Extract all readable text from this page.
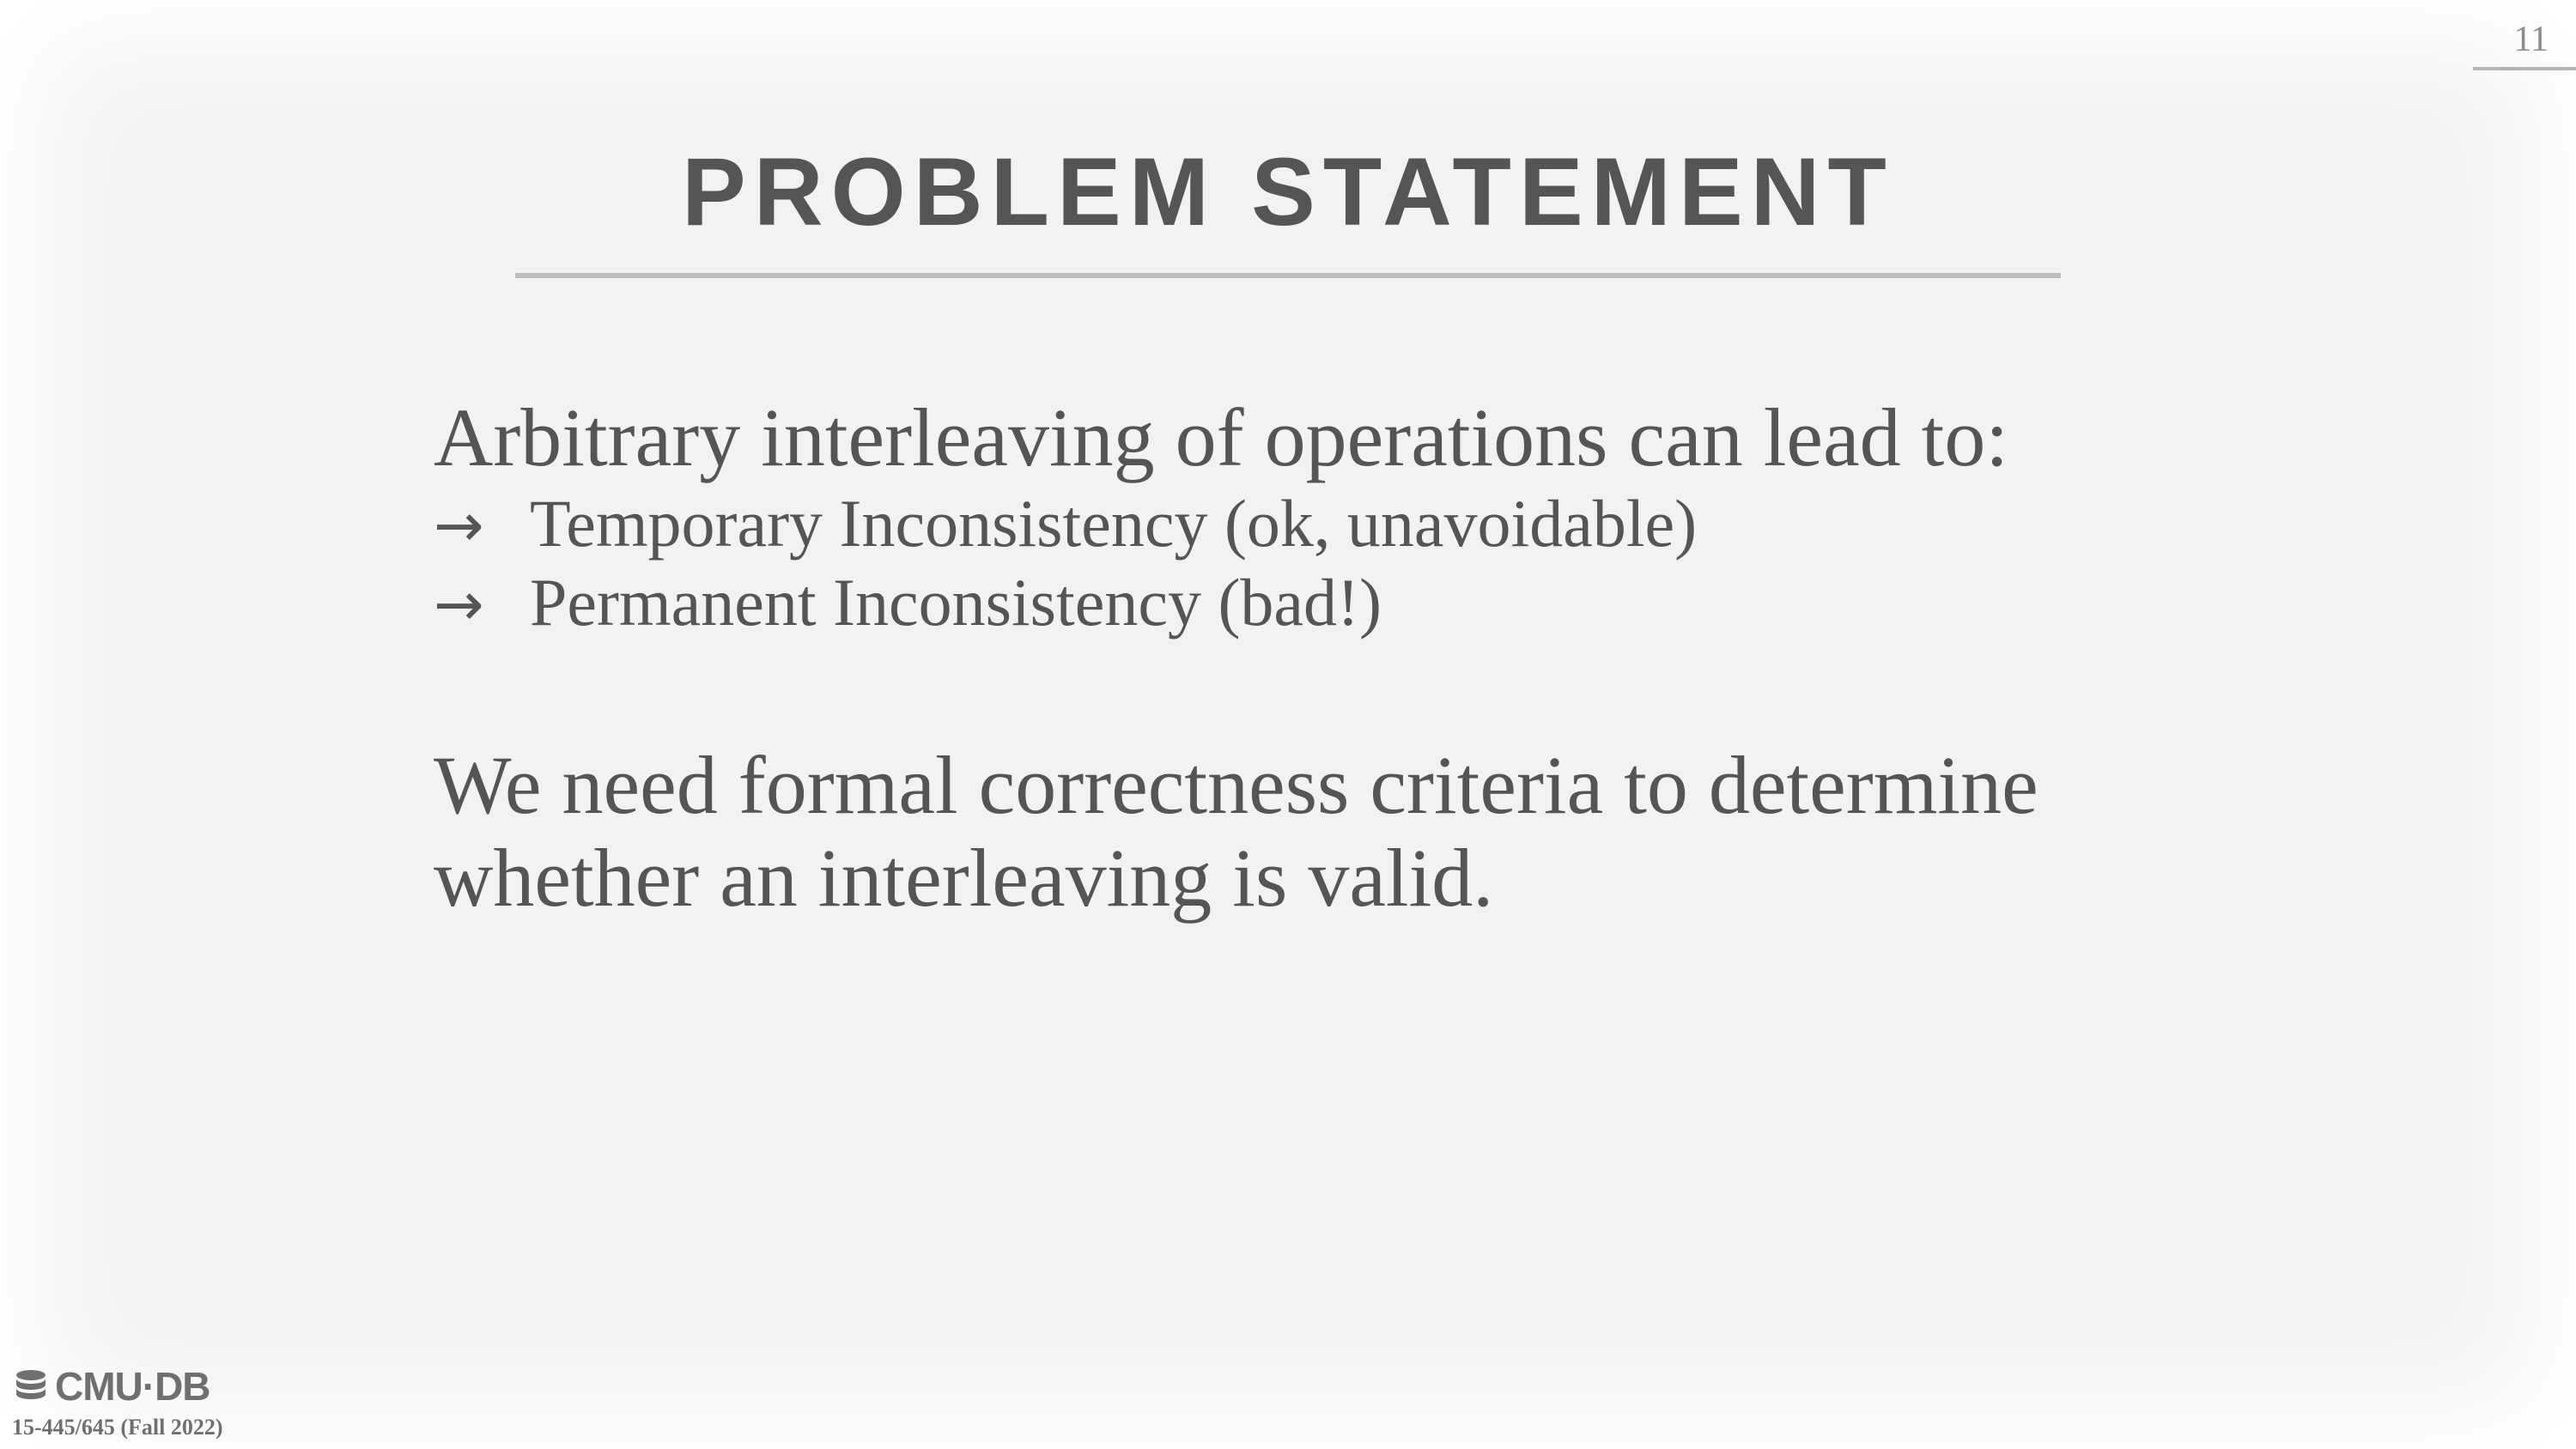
11
PROBLEM STATEMENT

Arbitrary interleaving of operations can lead to:

→ Temporary Inconsistency (ok, unavoidable)
→ Permanent Inconsistency (bad!)

We need formal correctness criteria to determine whether an interleaving is valid.

CMU·DB
15-445/645 (Fall 2022)
